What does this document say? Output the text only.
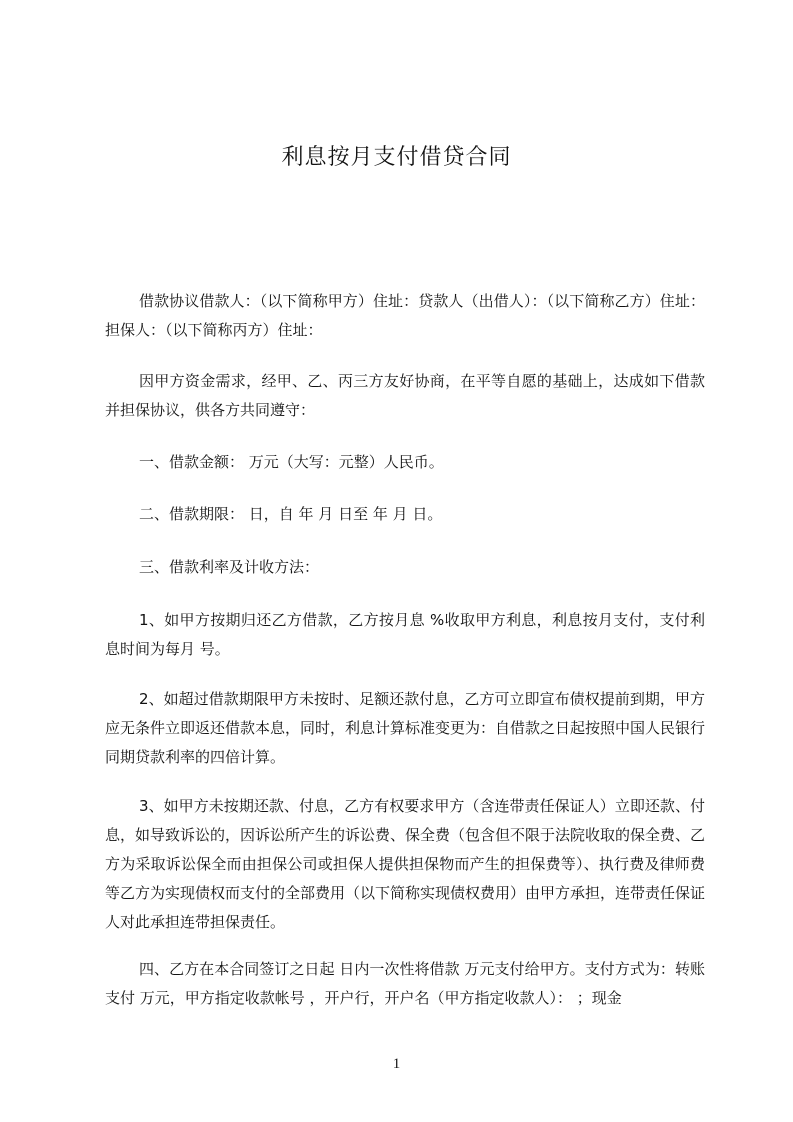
利息按月支付借贷合同

借款协议借款人：（以下简称甲方）住址：贷款人（出借人）：（以下简称乙方）住址：担保人：（以下简称丙方）住址：

因甲方资金需求，经甲、乙、丙三方友好协商，在平等自愿的基础上，达成如下借款并担保协议，供各方共同遵守：

一、借款金额： 万元（大写：元整）人民币。

二、借款期限： 日，自 年 月 日至 年 月 日。

三、借款利率及计收方法：

1、如甲方按期归还乙方借款，乙方按月息 %收取甲方利息，利息按月支付，支付利息时间为每月 号。

2、如超过借款期限甲方未按时、足额还款付息，乙方可立即宣布债权提前到期，甲方应无条件立即返还借款本息，同时，利息计算标准变更为：自借款之日起按照中国人民银行同期贷款利率的四倍计算。

3、如甲方未按期还款、付息，乙方有权要求甲方（含连带责任保证人）立即还款、付息，如导致诉讼的，因诉讼所产生的诉讼费、保全费（包含但不限于法院收取的保全费、乙方为采取诉讼保全而由担保公司或担保人提供担保物而产生的担保费等）、执行费及律师费等乙方为实现债权而支付的全部费用（以下简称实现债权费用）由甲方承担，连带责任保证人对此承担连带担保责任。

四、乙方在本合同签订之日起 日内一次性将借款 万元支付给甲方。支付方式为：转账支付 万元，甲方指定收款帐号 ，开户行，开户名（甲方指定收款人）： ；现金

1
